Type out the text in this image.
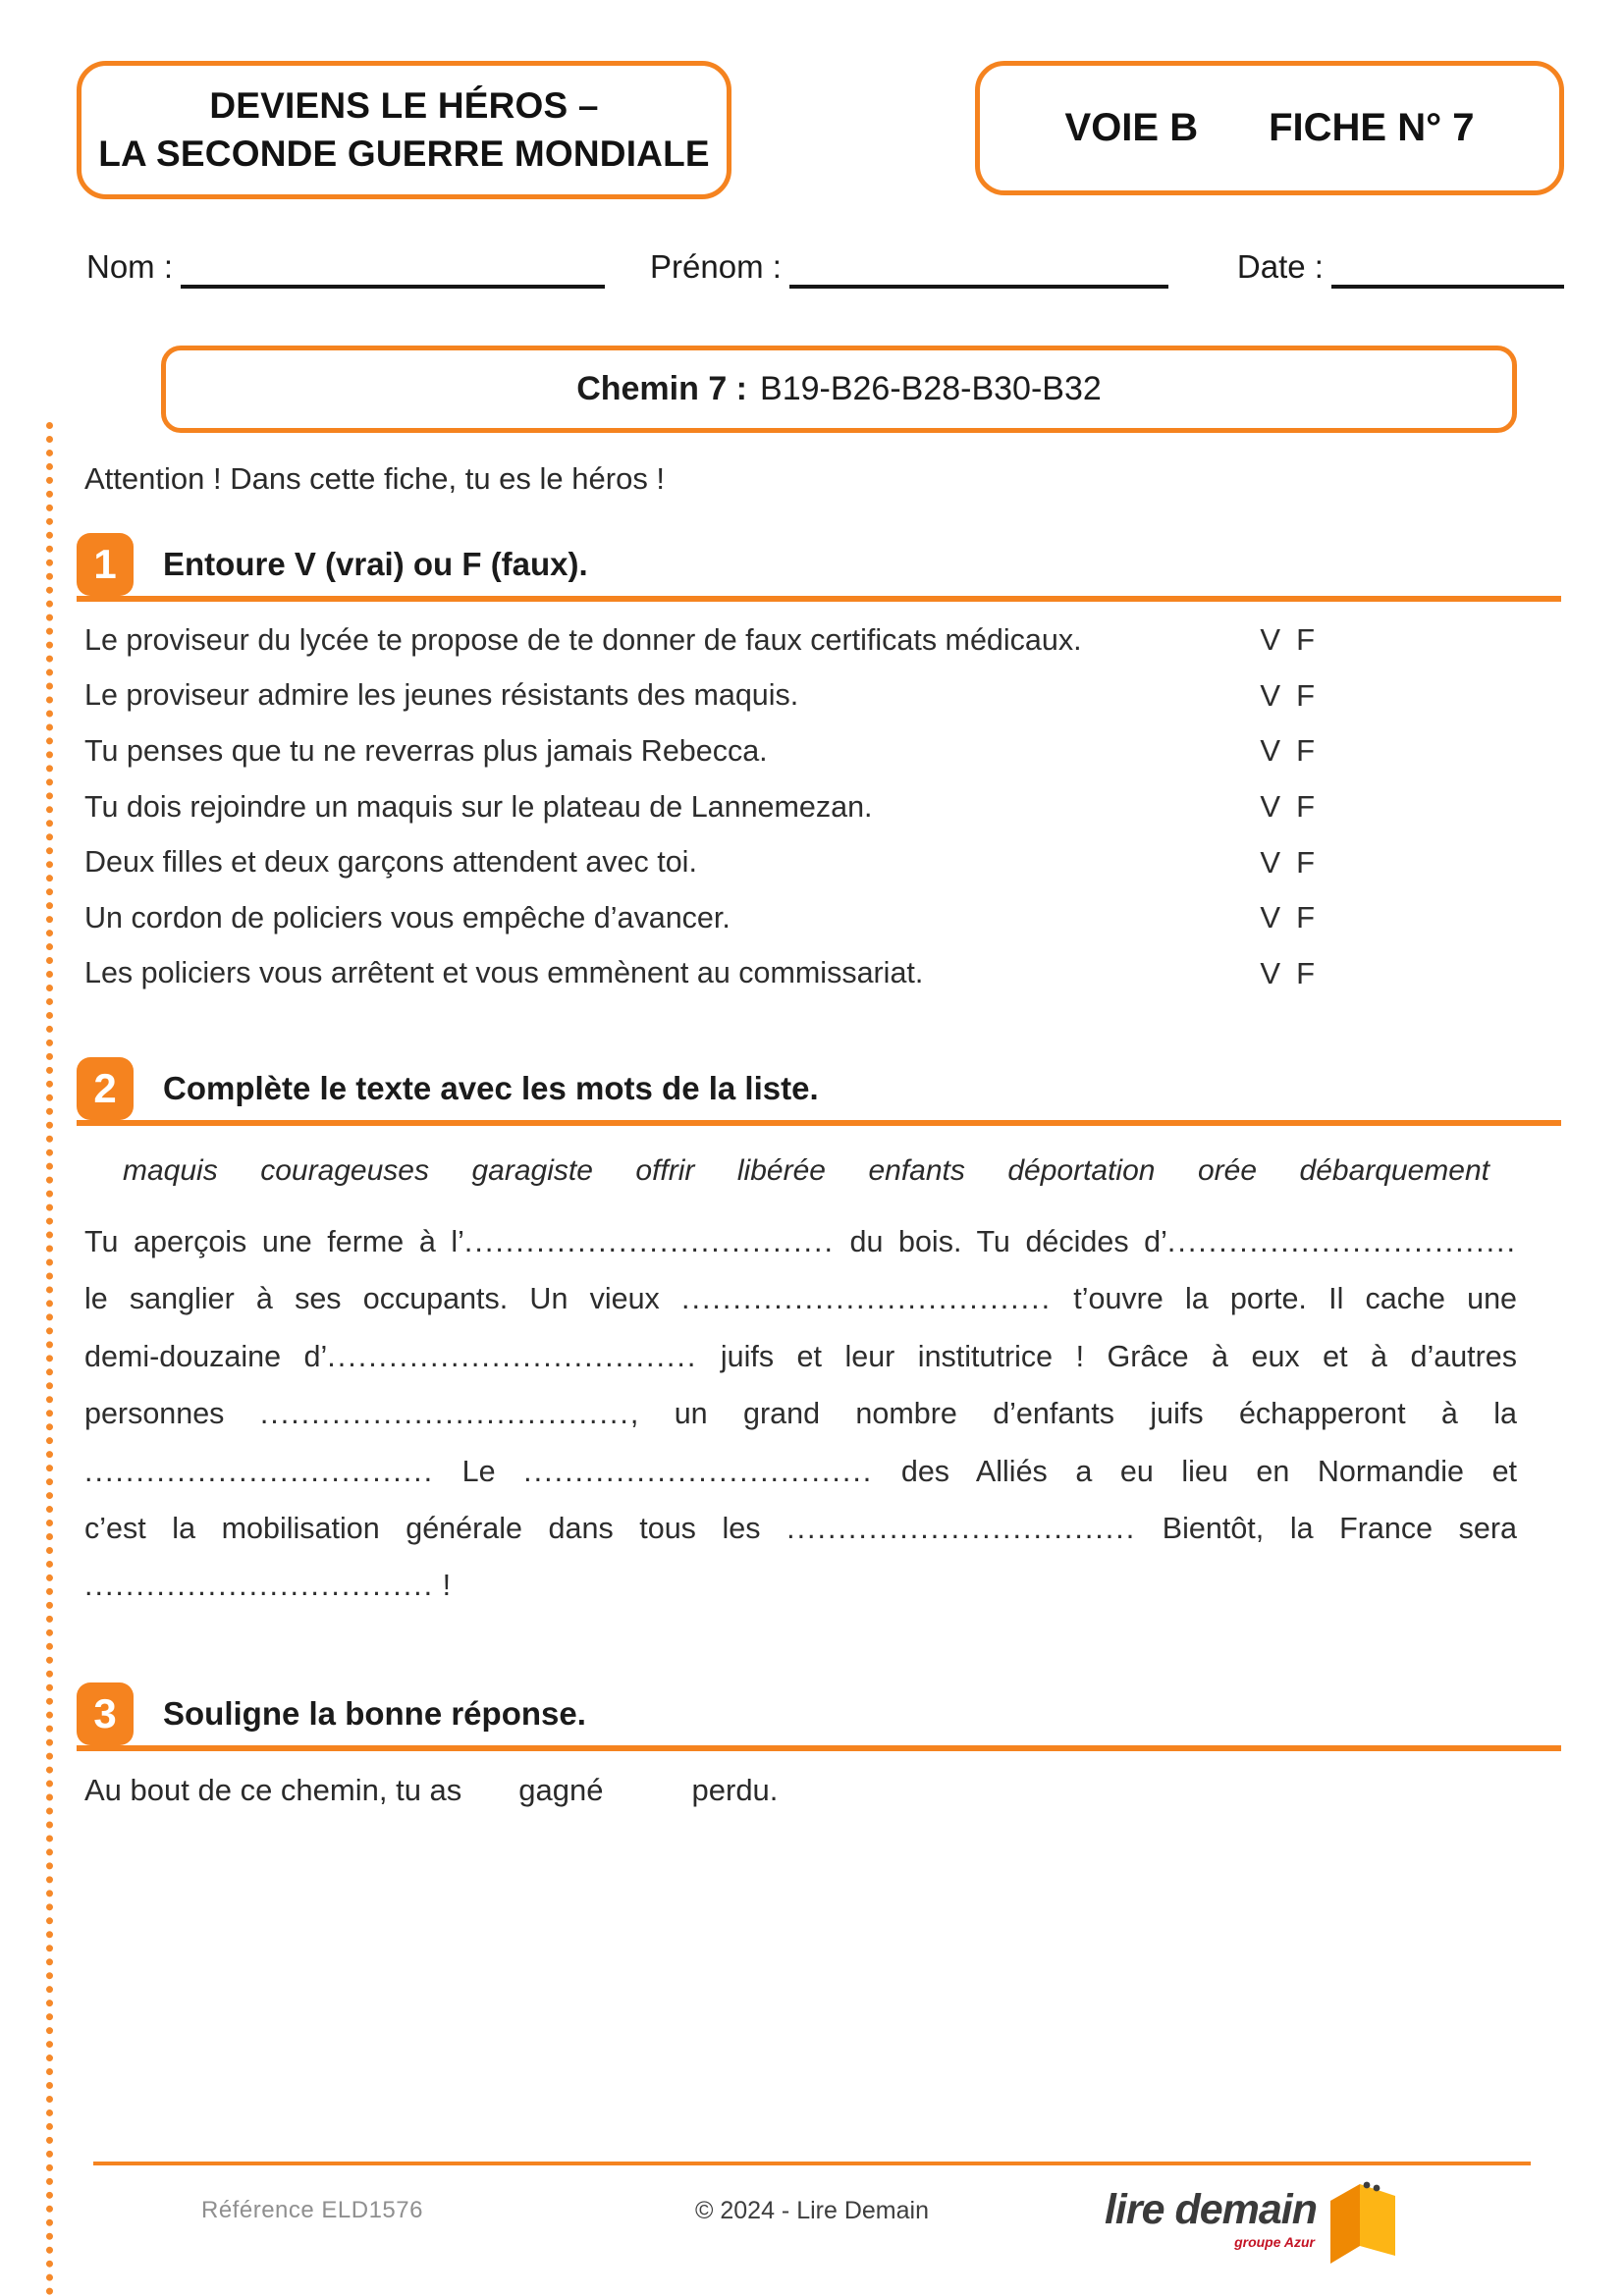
DEVIENS LE HÉROS –
LA SECONDE GUERRE MONDIALE
VOIE B FICHE N° 7
Nom :	Prénom :	Date :
Chemin 7 : B19-B26-B28-B30-B32
Attention ! Dans cette fiche, tu es le héros !
1	Entoure V (vrai) ou F (faux).
Le proviseur du lycée te propose de te donner de faux certificats médicaux.	V F
Le proviseur admire les jeunes résistants des maquis.	V F
Tu penses que tu ne reverras plus jamais Rebecca.	V F
Tu dois rejoindre un maquis sur le plateau de Lannemezan.	V F
Deux filles et deux garçons attendent avec toi.	V F
Un cordon de policiers vous empêche d’avancer.	V F
Les policiers vous arrêtent et vous emmènent au commissariat.	V F
2	Complète le texte avec les mots de la liste.
maquis courageuses garagiste offrir libérée enfants déportation orée débarquement
Tu aperçois une ferme à l’.................................... du bois. Tu décides d’..................................
le sanglier à ses occupants. Un vieux .................................... t’ouvre la porte. Il cache une
demi-douzaine d’.................................... juifs et leur institutrice ! Grâce à eux et à d’autres
personnes ...................................., un grand nombre d’enfants juifs échapperont à la
.................................. Le .................................. des Alliés a eu lieu en Normandie et
c’est la mobilisation générale dans tous les .................................. Bientôt, la France sera
.................................. !
3	Souligne la bonne réponse.
Au bout de ce chemin, tu as gagné	perdu.
Référence ELD1576	© 2024 - Lire Demain	lire demain
groupe Azur
